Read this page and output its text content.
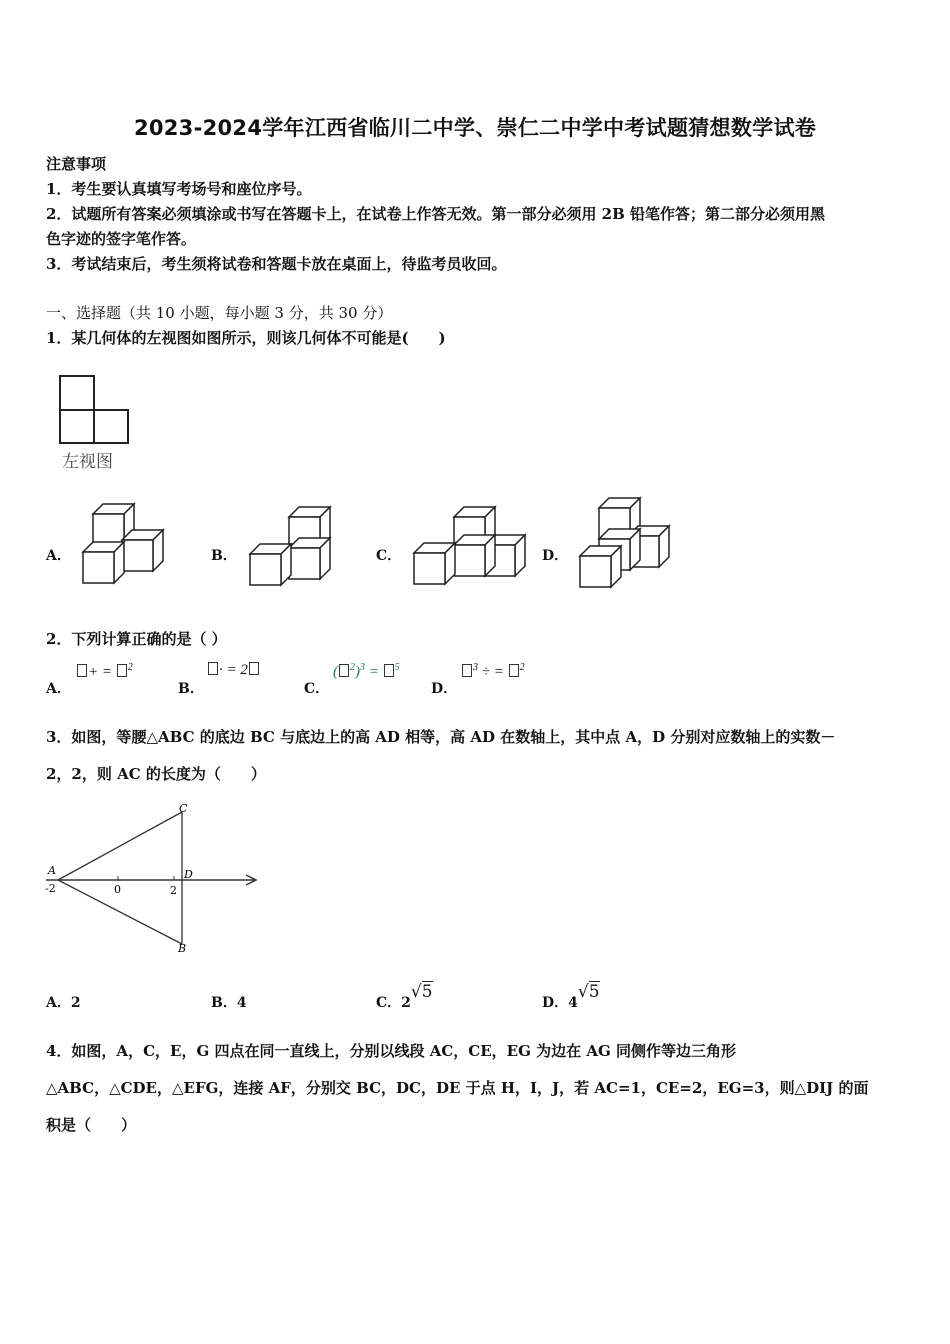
2023-2024学年江西省临川二中学、崇仁二中学中考试题猜想数学试卷
注意事项
1．考生要认真填写考场号和座位序号。
2．试题所有答案必须填涂或书写在答题卡上，在试卷上作答无效。第一部分必须用 2B 铅笔作答；第二部分必须用黑
色字迹的签字笔作答。
3．考试结束后，考生须将试卷和答题卡放在桌面上，待监考员收回。
一、选择题（共 10 小题，每小题 3 分，共 30 分）
1．某几何体的左视图如图所示，则该几何体不可能是(　　)
左视图
A．	B．	C．	D．
2．下列计算正确的是（ ）
A．
+ = $^2$
B．
· = 2
C．
( $^2$)$^3$ = $^5$
D．
$^3$ ÷ = $^2$
3．如图，等腰△ABC 的底边 BC 与底边上的高 AD 相等，高 AD 在数轴上，其中点 A，D 分别对应数轴上的实数－
2，2，则 AC 的长度为（　　）
A
-2	0	2
D
C
B
A．2	B．4	C．2√5
D．4√5
4．如图，A，C，E，G 四点在同一直线上，分别以线段 AC，CE，EG 为边在 AG 同侧作等边三角形
△ABC，△CDE，△EFG，连接 AF，分别交 BC，DC，DE 于点 H，I，J，若 AC=1，CE=2，EG=3，则△DIJ 的面
积是（　　）
